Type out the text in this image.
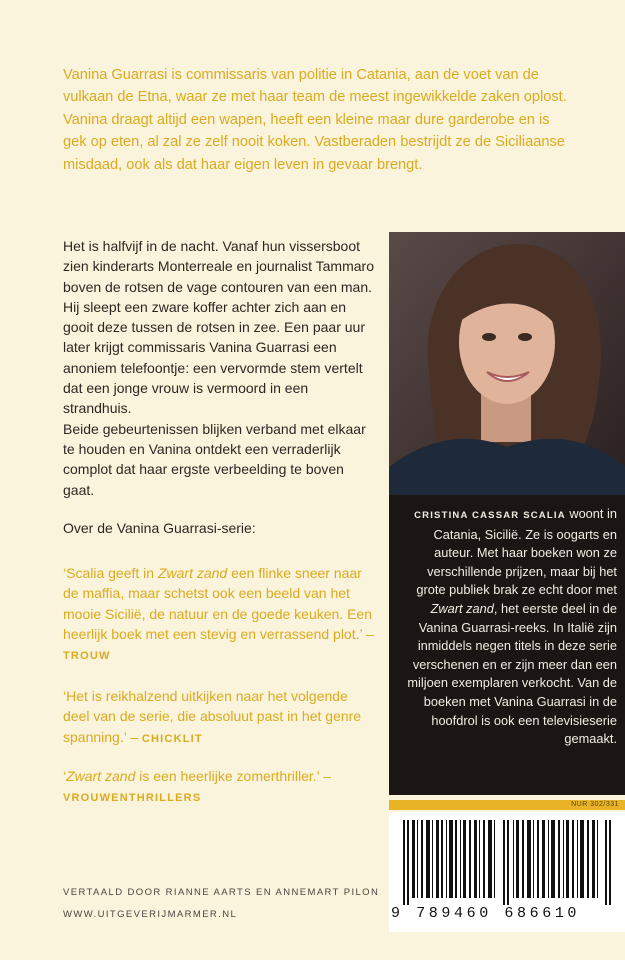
Vanina Guarrasi is commissaris van politie in Catania, aan de voet van de vulkaan de Etna, waar ze met haar team de meest ingewikkelde zaken oplost. Vanina draagt altijd een wapen, heeft een kleine maar dure garderobe en is gek op eten, al zal ze zelf nooit koken. Vastberaden bestrijdt ze de Siciliaanse misdaad, ook als dat haar eigen leven in gevaar brengt.

Het is halfvijf in de nacht. Vanaf hun vissersboot zien kinderarts Monterreale en journalist Tammaro boven de rotsen de vage contouren van een man. Hij sleept een zware koffer achter zich aan en gooit deze tussen de rotsen in zee. Een paar uur later krijgt commissaris Vanina Guarrasi een anoniem telefoontje: een vervormde stem vertelt dat een jonge vrouw is vermoord in een strandhuis.
Beide gebeurtenissen blijken verband met elkaar te houden en Vanina ontdekt een verraderlijk complot dat haar ergste verbeelding te boven gaat.

Over de Vanina Guarrasi-serie:

‘Scalia geeft in Zwart zand een flinke sneer naar de maffia, maar schetst ook een beeld van het mooie Sicilië, de natuur en de goede keuken. Een heerlijk boek met een stevig en verrassend plot.’ – TROUW

‘Het is reikhalzend uitkijken naar het volgende deel van de serie, die absoluut past in het genre spanning.’ – CHICKLIT

‘Zwart zand is een heerlijke zomerthriller.’ –
VROUWENTHRILLERS

CRISTINA CASSAR SCALIA woont in Catania, Sicilië. Ze is oogarts en auteur. Met haar boeken won ze verschillende prijzen, maar bij het grote publiek brak ze echt door met Zwart zand, het eerste deel in de Vanina Guarrasi-reeks. In Italië zijn inmiddels negen titels in deze serie verschenen en er zijn meer dan een miljoen exemplaren verkocht. Van de boeken met Vanina Guarrasi in de hoofdrol is ook een televisieserie gemaakt.

NUR 302/331
9 789460 686610

VERTAALD DOOR RIANNE AARTS EN ANNEMART PILON

WWW.UITGEVERIJMARMER.NL
